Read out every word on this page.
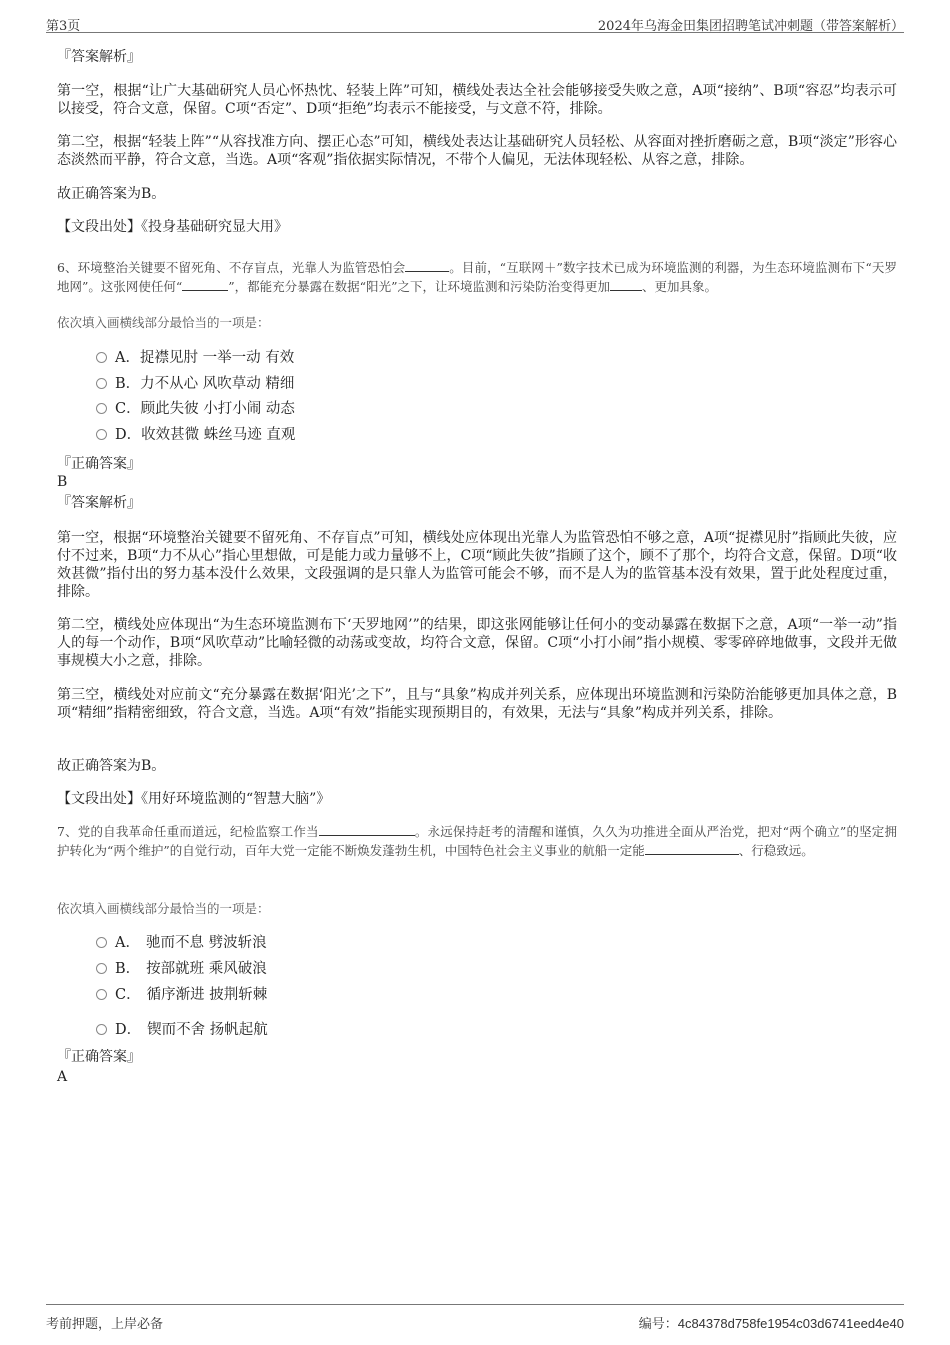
第3页	2024年乌海金田集团招聘笔试冲刺题（带答案解析）
『答案解析』
第一空，根据“让广大基础研究人员心怀热忱、轻装上阵”可知，横线处表达全社会能够接受失败之意，A项“接纳”、B项“容忍”均表示可以接受，符合文意，保留。C项“否定”、D项“拒绝”均表示不能接受，与文意不符，排除。
第二空，根据“轻装上阵”“从容找准方向、摆正心态”可知，横线处表达让基础研究人员轻松、从容面对挫折磨砺之意，B项“淡定”形容心态淡然而平静，符合文意，当选。A项“客观”指依据实际情况，不带个人偏见，无法体现轻松、从容之意，排除。
故正确答案为B。
【文段出处】《投身基础研究显大用》
6、环境整治关键要不留死角、不存盲点，光靠人为监管恐怕会	。目前，“互联网＋”数字技术已成为环境监测的利器，为生态环境监测布下“天罗地网”。这张网使任何“	”，都能充分暴露在数据“阳光”之下，让环境监测和污染防治变得更加	、更加具象。
依次填入画横线部分最恰当的一项是：
A．捉襟见肘 一举一动 有效
B．力不从心 风吹草动 精细
C．顾此失彼 小打小闹 动态
D．收效甚微 蛛丝马迹 直观
『正确答案』
B
『答案解析』
第一空，根据“环境整治关键要不留死角、不存盲点”可知，横线处应体现出光靠人为监管恐怕不够之意，A项“捉襟见肘”指顾此失彼，应付不过来，B项“力不从心”指心里想做，可是能力或力量够不上，C项“顾此失彼”指顾了这个，顾不了那个，均符合文意，保留。D项“收效甚微”指付出的努力基本没什么效果，文段强调的是只靠人为监管可能会不够，而不是人为的监管基本没有效果，置于此处程度过重，排除。
第二空，横线处应体现出“为生态环境监测布下‘天罗地网’”的结果，即这张网能够让任何小的变动暴露在数据下之意，A项“一举一动”指人的每一个动作，B项“风吹草动”比喻轻微的动荡或变故，均符合文意，保留。C项“小打小闹”指小规模、零零碎碎地做事，文段并无做事规模大小之意，排除。
第三空，横线处对应前文“充分暴露在数据‘阳光’之下”，且与“具象”构成并列关系，应体现出环境监测和污染防治能够更加具体之意，B项“精细”指精密细致，符合文意，当选。A项“有效”指能实现预期目的，有效果，无法与“具象”构成并列关系，排除。
故正确答案为B。
【文段出处】《用好环境监测的“智慧大脑”》
7、党的自我革命任重而道远，纪检监察工作当	。永远保持赶考的清醒和谨慎，久久为功推进全面从严治党，把对“两个确立”的坚定拥护转化为“两个维护”的自觉行动，百年大党一定能不断焕发蓬勃生机，中国特色社会主义事业的航船一定能	、行稳致远。
依次填入画横线部分最恰当的一项是：
A． 驰而不息 劈波斩浪
B． 按部就班 乘风破浪
C． 循序渐进 披荆斩棘
D． 锲而不舍 扬帆起航
『正确答案』
A
考前押题，上岸必备	编号：4c84378d758fe1954c03d6741eed4e40
